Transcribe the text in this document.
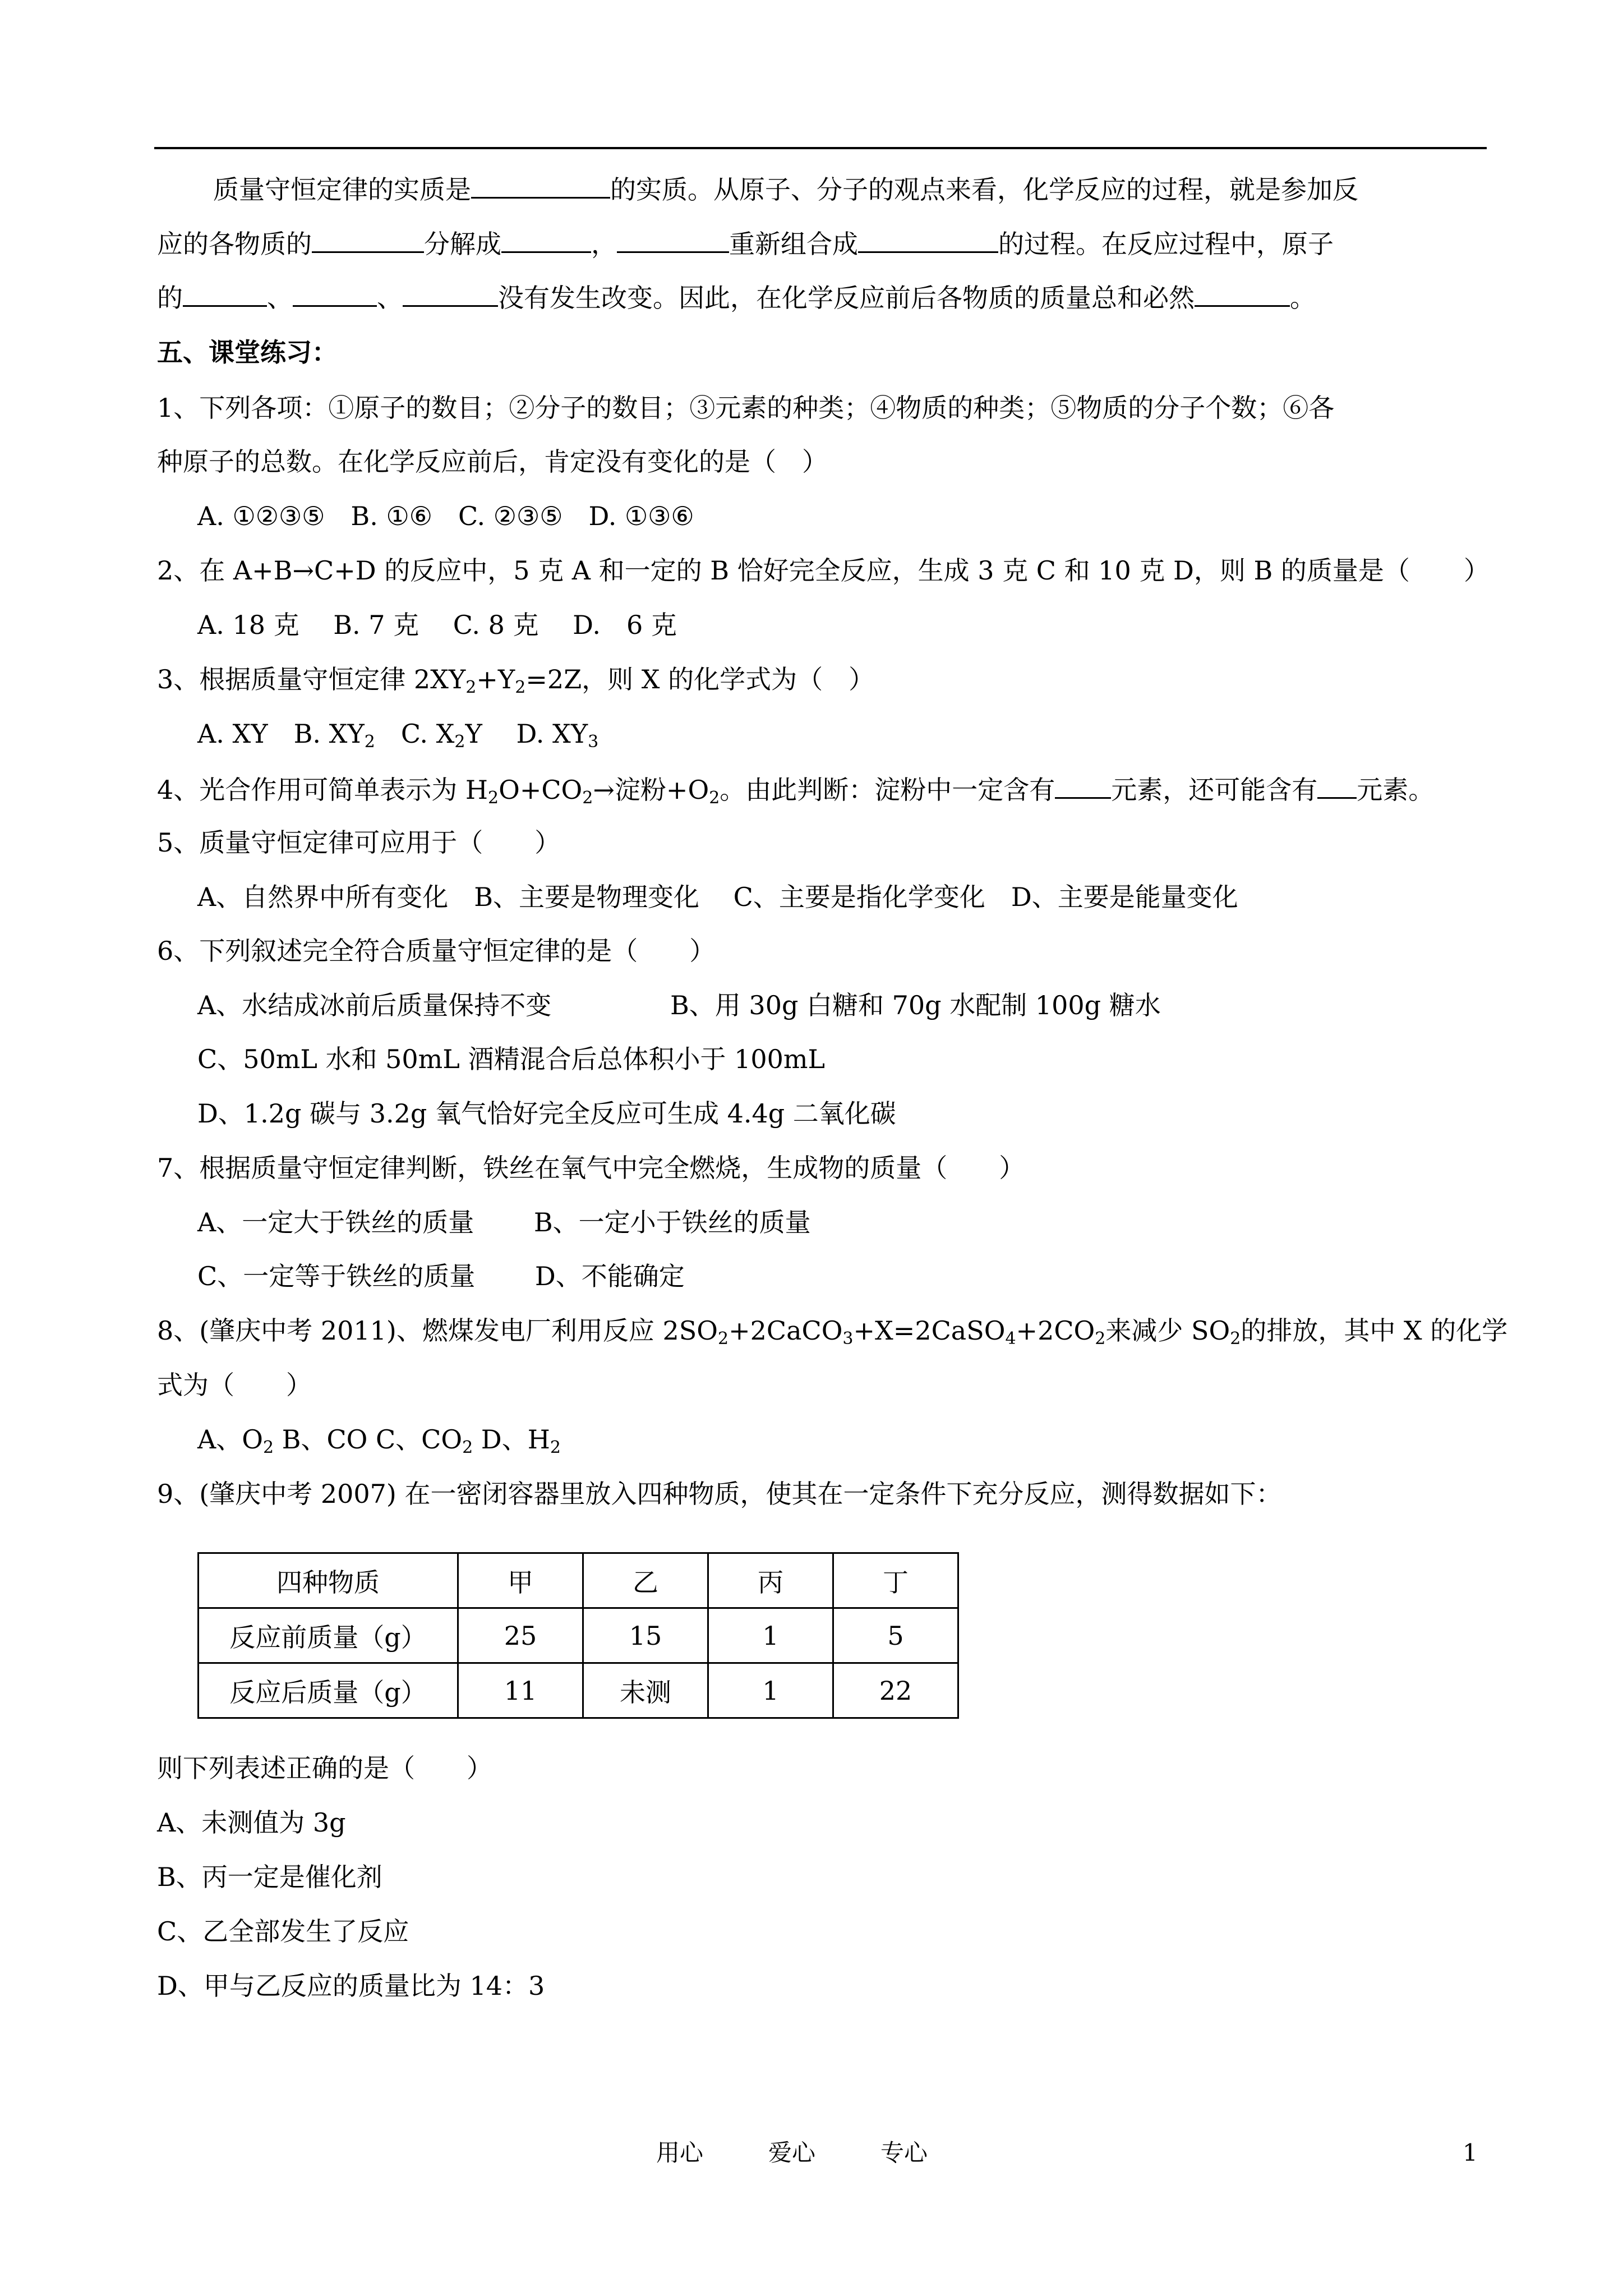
质量守恒定律的实质是	的实质。从原子、分子的观点来看，化学反应的过程，就是参加反
应的各物质的	分解成	，	重新组合成	的过程。在反应过程中，原子
的	、	、	没有发生改变。因此，在化学反应前后各物质的质量总和必然	。
五、课堂练习：
1、下列各项：①原子的数目；②分子的数目；③元素的种类；④物质的种类；⑤物质的分子个数；⑥各
种原子的总数。在化学反应前后，肯定没有变化的是（　）
A. ①②③⑤　B. ①⑥　C. ②③⑤　D. ①③⑥
2、在 A+B→C+D 的反应中，5 克 A 和一定的 B 恰好完全反应，生成 3 克 C 和 10 克 D，则 B 的质量是（ ）
A. 18 克　 B. 7 克　 C. 8 克　 D.　6 克
3、根据质量守恒定律 $2XY_2+Y_2=2Z$，则 X 的化学式为（　）
A. XY　B. $XY_2$　C. $X_2Y$　 D. $XY_3$
4、光合作用可简单表示为 $H_2O+CO_2\to$淀粉$+O_2$。由此判断：淀粉中一定含有 元素，还可能含有 元素。
5、质量守恒定律可应用于（　　）
A、自然界中所有变化　B、主要是物理变化　 C、主要是指化学变化　D、主要是能量变化
6、下列叙述完全符合质量守恒定律的是（　　）
A、水结成冰前后质量保持不变	B、用 30g 白糖和 70g 水配制 100g 糖水
C、50mL 水和 50mL 酒精混合后总体积小于 100mL
D、1.2g 碳与 3.2g 氧气恰好完全反应可生成 4.4g 二氧化碳
7、根据质量守恒定律判断，铁丝在氧气中完全燃烧，生成物的质量（　　）
A、一定大于铁丝的质量　　 B、一定小于铁丝的质量
C、一定等于铁丝的质量　　 D、不能确定
8、(肇庆中考 2011)、燃煤发电厂利用反应 $2SO_2+2CaCO_3+X=2CaSO_4+2CO_2$来减少 $SO_2$的排放，其中 X 的化学
式为（　　）
A、$O_2$ B、CO C、$CO_2$ D、$H_2$
9、(肇庆中考 2007) 在一密闭容器里放入四种物质，使其在一定条件下充分反应，测得数据如下：
四种物质	甲	乙	丙	丁
反应前质量（g）	25	15	1	5
反应后质量（g）	11	未测	1	22
则下列表述正确的是（　　）
A、未测值为 3g
B、丙一定是催化剂
C、乙全部发生了反应
D、甲与乙反应的质量比为 14：3
用心	爱心	专心	1
